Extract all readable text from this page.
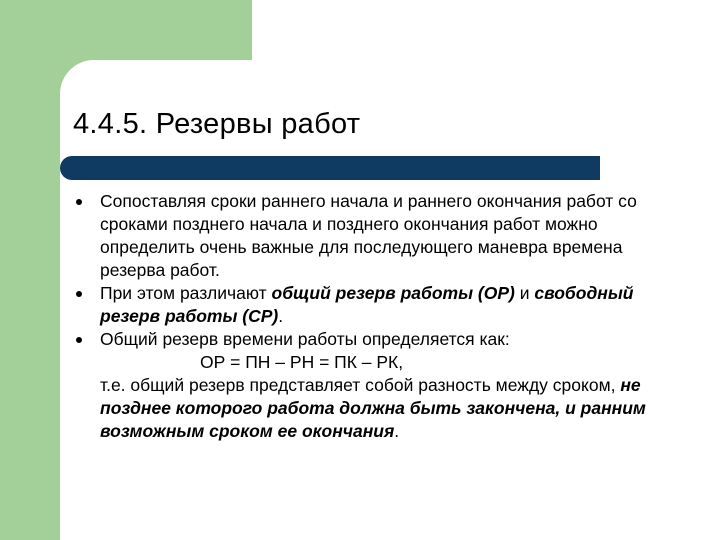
4.4.5. Резервы работ
Сопоставляя сроки раннего начала и раннего окончания работ со сроками позднего начала и позднего окончания работ можно определить очень важные для последующего маневра времена резерва работ.
При этом различают общий резерв работы (ОР) и свободный резерв работы (СР).
Общий резерв времени работы определяется как:
ОР = ПН – РН = ПК – РК,
т.е. общий резерв представляет собой разность между сроком, не позднее которого работа должна быть закончена, и ранним возможным сроком ее окончания.
